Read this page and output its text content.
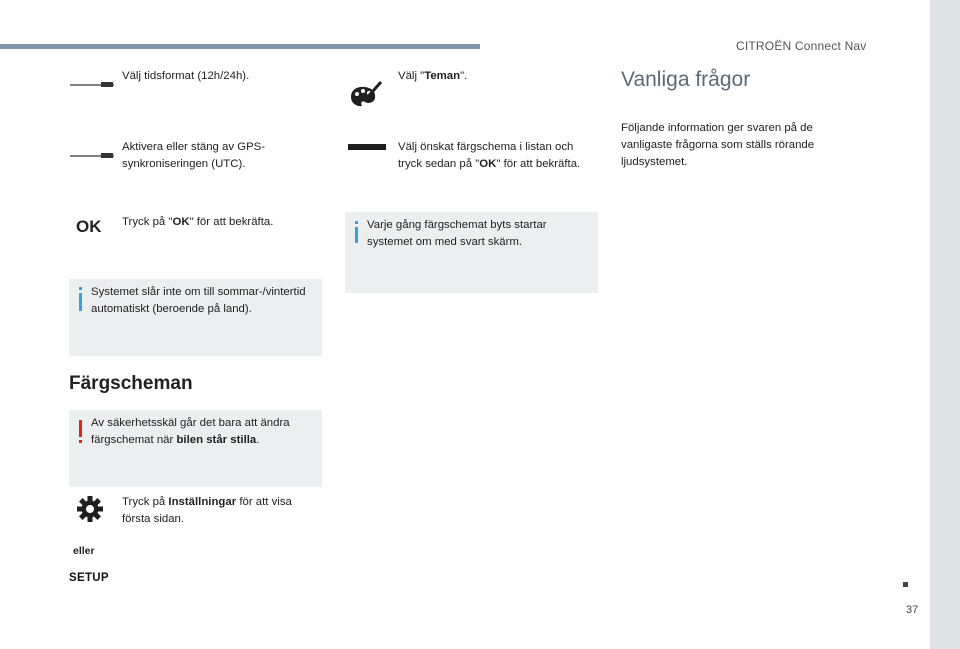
CITROËN Connect Nav
37
Välj tidsformat (12h/24h).
Aktivera eller stäng av GPS-
synkroniseringen (UTC).
OK Tryck på "OK" för att bekräfta.
Systemet slår inte om till sommar-/vintertid
automatiskt (beroende på land).
Färgscheman
Av säkerhetsskäl går det bara att ändra
färgschemat när bilen står stilla.
Tryck på Inställningar för att visa
första sidan.
eller
SETUP
Välj "Teman".
Välj önskat färgschema i listan och
tryck sedan på "OK" för att bekräfta.
Varje gång färgschemat byts startar
systemet om med svart skärm.
Vanliga frågor
Följande information ger svaren på de
vanligaste frågorna som ställs rörande
ljudsystemet.
